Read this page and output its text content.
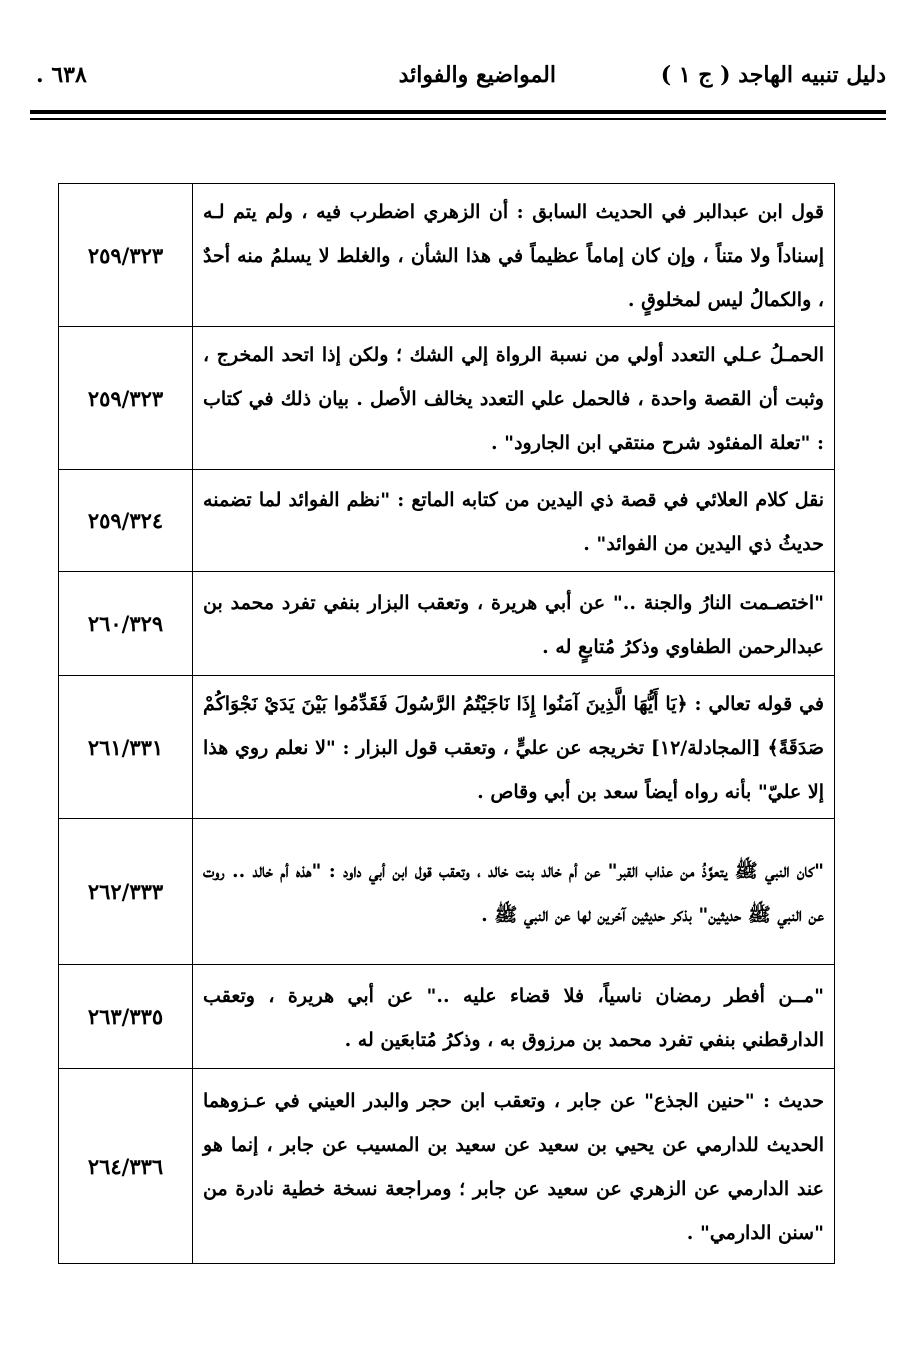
دليل تنبيه الهاجد ( ج ١ )
المواضيع والفوائد
٦٣٨ .
قول ابن عبدالبر في الحديث السابق : أن الزهري اضطرب فيه ، ولم يتم لـه إسناداً ولا متناً ، وإن كان إماماً عظيماً في هذا الشأن ، والغلط لا يسلمُ منه أحدٌ ، والكمالُ ليس لمخلوقٍ .	٢٥٩/٣٢٣
الحمـلُ عـلي التعدد أولي من نسبة الرواة إلي الشك ؛ ولكن إذا اتحد المخرج ، وثبت أن القصة واحدة ، فالحمل علي التعدد يخالف الأصل . بيان ذلك في كتاب : "تعلة المفئود شرح منتقي ابن الجارود" .	٢٥٩/٣٢٣
نقل كلام العلائي في قصة ذي اليدين من كتابه الماتع : "نظم الفوائد لما تضمنه حديثُ ذي اليدين من الفوائد" .	٢٥٩/٣٢٤
"اختصـمت النارُ والجنة .." عن أبي هريرة ، وتعقب البزار بنفي تفرد محمد بن عبدالرحمن الطفاوي وذكرُ مُتابعٍ له .	٢٦٠/٣٢٩
في قوله تعالي : ﴿يَا أَيُّهَا الَّذِينَ آمَنُوا إِذَا نَاجَيْتُمُ الرَّسُولَ فَقَدِّمُوا بَيْنَ يَدَيْ نَجْوَاكُمْ صَدَقَةً﴾ [المجادلة/١٢] تخريجه عن عليٍّ ، وتعقب قول البزار : "لا نعلم روي هذا إلا عليّ" بأنه رواه أيضاً سعد بن أبي وقاص .	٢٦١/٣٣١
"كان النبي ﷺ يتعوَّذُ من عذاب القبر" عن أم خالد بنت خالد ، وتعقب قول ابن أبي داود : "هذه أم خالد .. روت عن النبي ﷺ حديثين" بذكر حديثين آخرين لها عن النبي ﷺ .	٢٦٢/٣٣٣
"مــن أفطر رمضان ناسياً، فلا قضاء عليه .." عن أبي هريرة ، وتعقب الدارقطني بنفي تفرد محمد بن مرزوق به ، وذكرُ مُتابعَين له .	٢٦٣/٣٣٥
حديث : "حنين الجذع" عن جابر ، وتعقب ابن حجر والبدر العيني في عـزوهما الحديث للدارمي عن يحيي بن سعيد عن سعيد بن المسيب عن جابر ، إنما هو عند الدارمي عن الزهري عن سعيد عن جابر ؛ ومراجعة نسخة خطية نادرة من "سنن الدارمي" .	٢٦٤/٣٣٦
